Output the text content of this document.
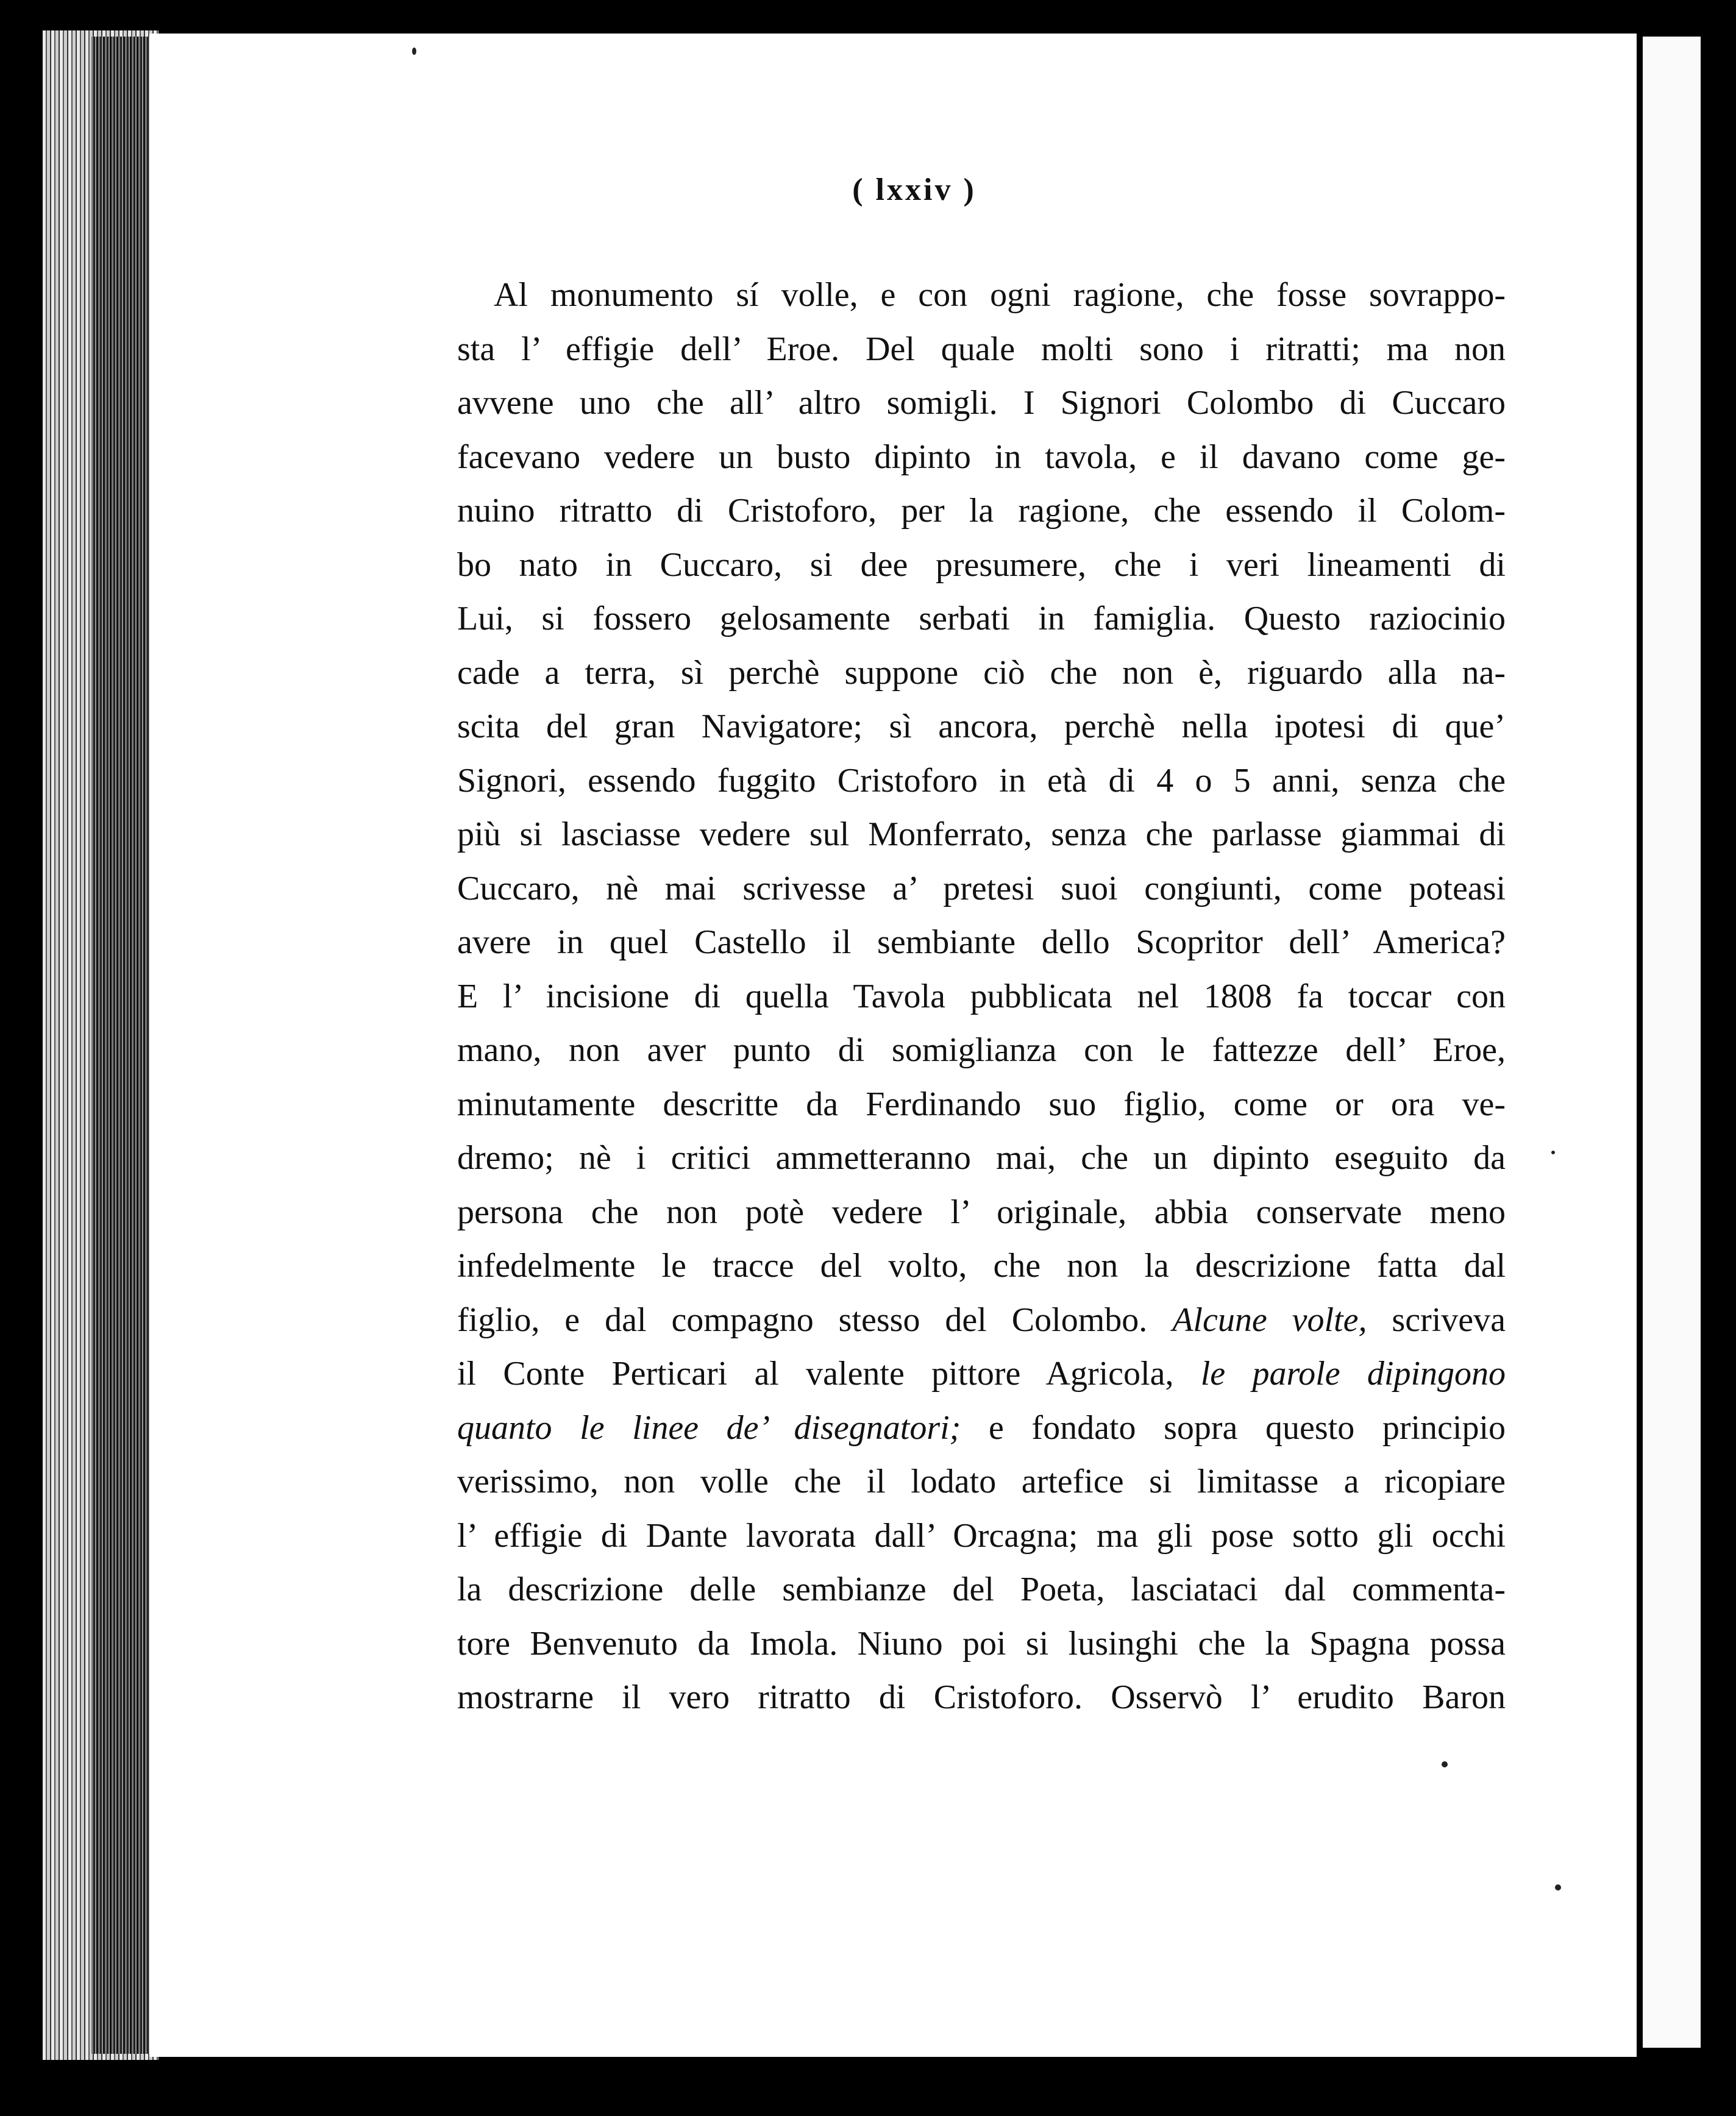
( lxxiv )
Al monumento sí volle, e con ogni ragione, che fosse sovrappo-
sta l’ effigie dell’ Eroe. Del quale molti sono i ritratti; ma non
avvene uno che all’ altro somigli. I Signori Colombo di Cuccaro
facevano vedere un busto dipinto in tavola, e il davano come ge-
nuino ritratto di Cristoforo, per la ragione, che essendo il Colom-
bo nato in Cuccaro, si dee presumere, che i veri lineamenti di
Lui, si fossero gelosamente serbati in famiglia. Questo raziocinio
cade a terra, sì perchè suppone ciò che non è, riguardo alla na-
scita del gran Navigatore; sì ancora, perchè nella ipotesi di que’
Signori, essendo fuggito Cristoforo in età di 4 o 5 anni, senza che
più si lasciasse vedere sul Monferrato, senza che parlasse giammai di
Cuccaro, nè mai scrivesse a’ pretesi suoi congiunti, come poteasi
avere in quel Castello il sembiante dello Scopritor dell’ America?
E l’ incisione di quella Tavola pubblicata nel 1808 fa toccar con
mano, non aver punto di somiglianza con le fattezze dell’ Eroe,
minutamente descritte da Ferdinando suo figlio, come or ora ve-
dremo; nè i critici ammetteranno mai, che un dipinto eseguito da
persona che non potè vedere l’ originale, abbia conservate meno
infedelmente le tracce del volto, che non la descrizione fatta dal
figlio, e dal compagno stesso del Colombo. Alcune volte, scriveva
il Conte Perticari al valente pittore Agricola, le parole dipingono
quanto le linee de’ disegnatori; e fondato sopra questo principio
verissimo, non volle che il lodato artefice si limitasse a ricopiare
l’ effigie di Dante lavorata dall’ Orcagna; ma gli pose sotto gli occhi
la descrizione delle sembianze del Poeta, lasciataci dal commenta-
tore Benvenuto da Imola. Niuno poi si lusinghi che la Spagna possa
mostrarne il vero ritratto di Cristoforo. Osservò l’ erudito Baron
